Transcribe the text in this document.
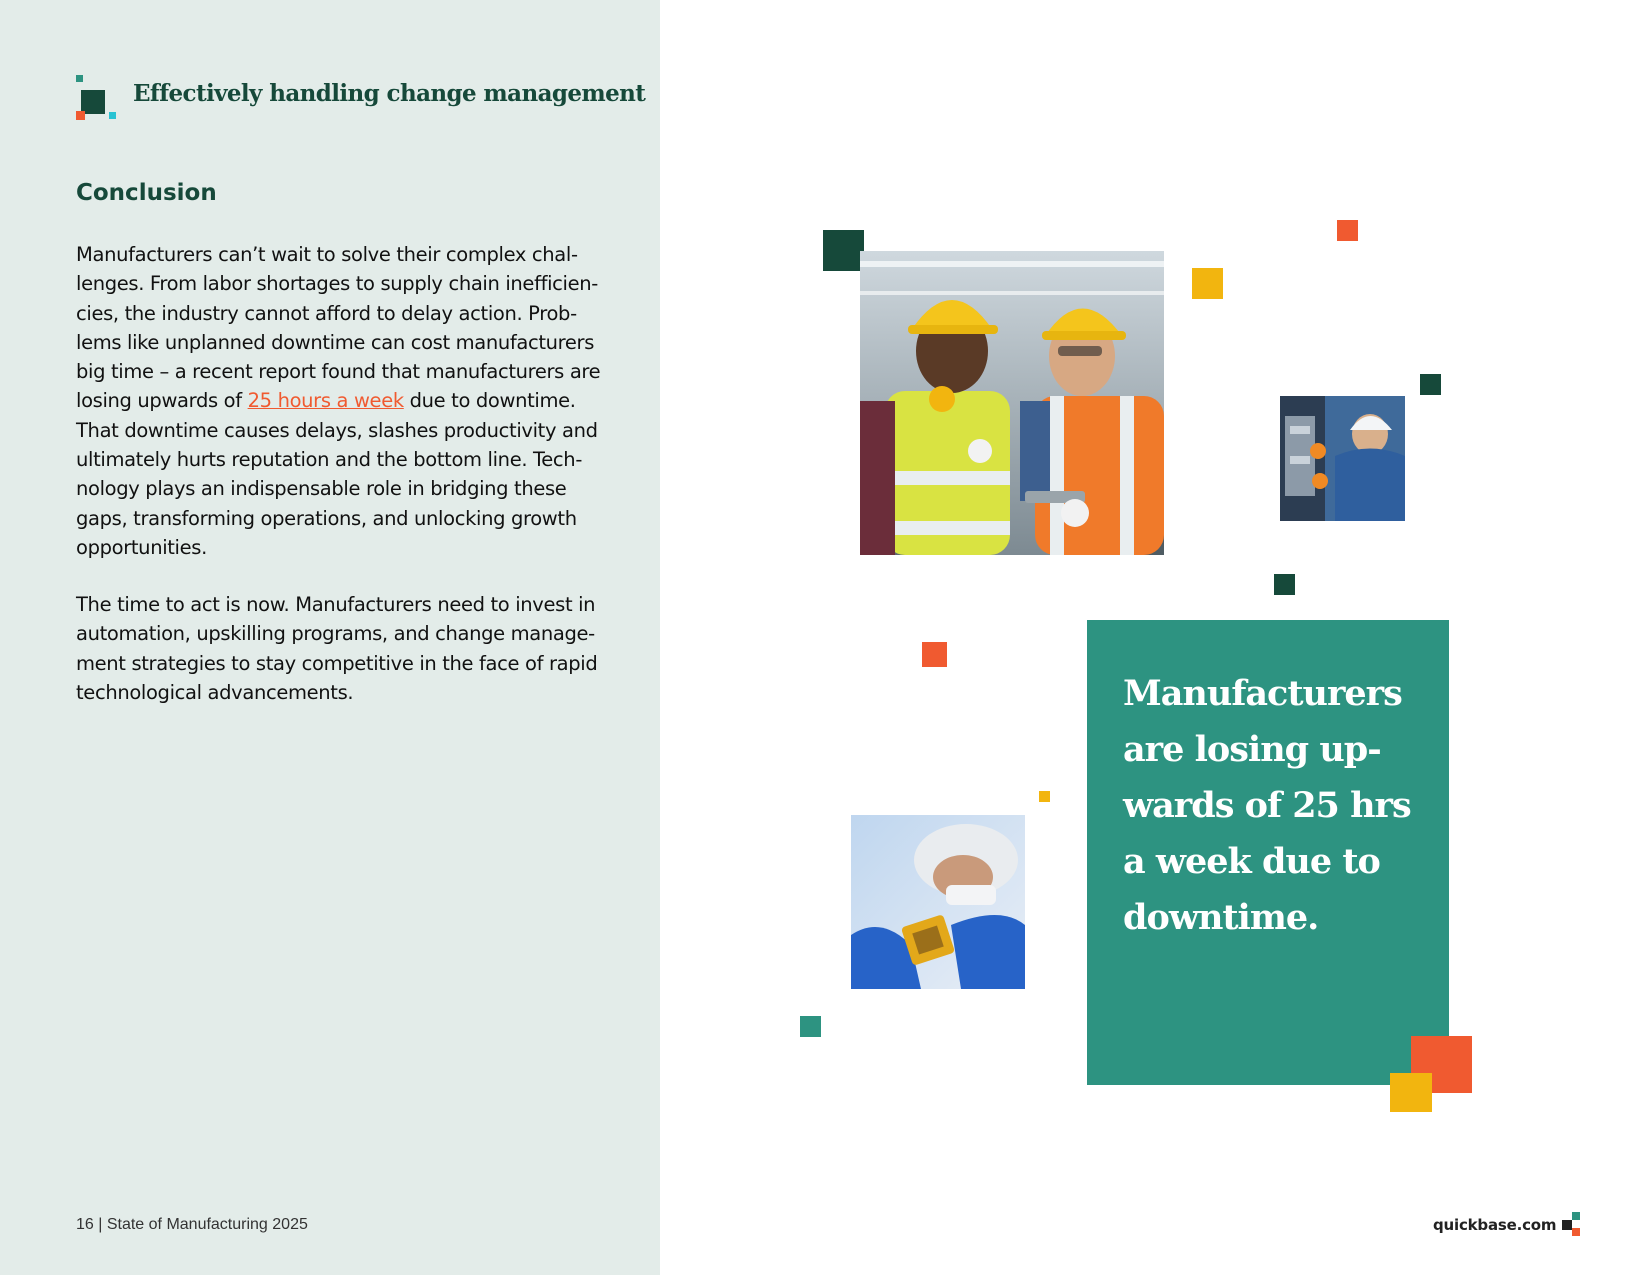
Effectively handling change management
Conclusion
Manufacturers can’t wait to solve their complex chal-
lenges. From labor shortages to supply chain inefficien-
cies, the industry cannot afford to delay action. Prob-
lems like unplanned downtime can cost manufacturers
big time – a recent report found that manufacturers are
losing upwards of 25 hours a week due to downtime.
That downtime causes delays, slashes productivity and
ultimately hurts reputation and the bottom line. Tech-
nology plays an indispensable role in bridging these
gaps, transforming operations, and unlocking growth
opportunities.
The time to act is now. Manufacturers need to invest in
automation, upskilling programs, and change manage-
ment strategies to stay competitive in the face of rapid
technological advancements.	Manufacturers
are losing up-
wards of 25 hrs
a week due to
downtime.
16 | State of Manufacturing 2025	quickbase.com
